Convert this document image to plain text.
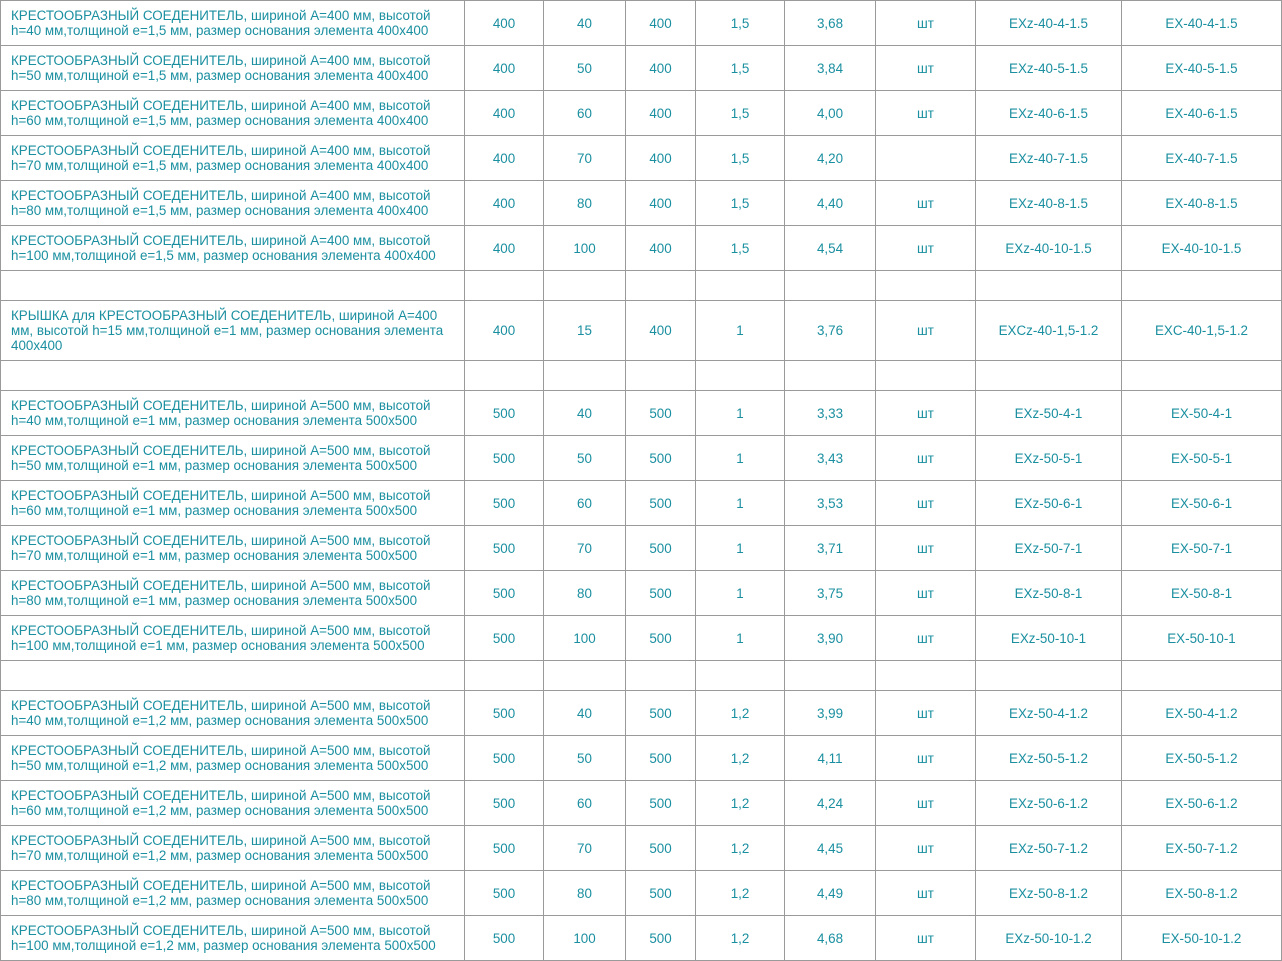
КРЕСТООБРАЗНЫЙ СОЕДЕНИТЕЛЬ, шириной А=400 мм, высотой h=40 мм,толщиной e=1,5 мм, размер основания элемента 400х400	400	40	400	1,5	3,68	шт	EXz-40-4-1.5	EX-40-4-1.5
КРЕСТООБРАЗНЫЙ СОЕДЕНИТЕЛЬ, шириной А=400 мм, высотой h=50 мм,толщиной e=1,5 мм, размер основания элемента 400х400	400	50	400	1,5	3,84	шт	EXz-40-5-1.5	EX-40-5-1.5
КРЕСТООБРАЗНЫЙ СОЕДЕНИТЕЛЬ, шириной А=400 мм, высотой h=60 мм,толщиной e=1,5 мм, размер основания элемента 400х400	400	60	400	1,5	4,00	шт	EXz-40-6-1.5	EX-40-6-1.5
КРЕСТООБРАЗНЫЙ СОЕДЕНИТЕЛЬ, шириной А=400 мм, высотой h=70 мм,толщиной e=1,5 мм, размер основания элемента 400х400	400	70	400	1,5	4,20		EXz-40-7-1.5	EX-40-7-1.5
КРЕСТООБРАЗНЫЙ СОЕДЕНИТЕЛЬ, шириной А=400 мм, высотой h=80 мм,толщиной e=1,5 мм, размер основания элемента 400х400	400	80	400	1,5	4,40	шт	EXz-40-8-1.5	EX-40-8-1.5
КРЕСТООБРАЗНЫЙ СОЕДЕНИТЕЛЬ, шириной А=400 мм, высотой h=100 мм,толщиной e=1,5 мм, размер основания элемента 400х400	400	100	400	1,5	4,54	шт	EXz-40-10-1.5	EX-40-10-1.5

КРЫШКА для КРЕСТООБРАЗНЫЙ СОЕДЕНИТЕЛЬ, шириной А=400 мм, высотой h=15 мм,толщиной e=1 мм, размер основания элемента 400х400	400	15	400	1	3,76	шт	EXCz-40-1,5-1.2	EXC-40-1,5-1.2

КРЕСТООБРАЗНЫЙ СОЕДЕНИТЕЛЬ, шириной А=500 мм, высотой h=40 мм,толщиной e=1 мм, размер основания элемента 500х500	500	40	500	1	3,33	шт	EXz-50-4-1	EX-50-4-1
КРЕСТООБРАЗНЫЙ СОЕДЕНИТЕЛЬ, шириной А=500 мм, высотой h=50 мм,толщиной e=1 мм, размер основания элемента 500х500	500	50	500	1	3,43	шт	EXz-50-5-1	EX-50-5-1
КРЕСТООБРАЗНЫЙ СОЕДЕНИТЕЛЬ, шириной А=500 мм, высотой h=60 мм,толщиной e=1 мм, размер основания элемента 500х500	500	60	500	1	3,53	шт	EXz-50-6-1	EX-50-6-1
КРЕСТООБРАЗНЫЙ СОЕДЕНИТЕЛЬ, шириной А=500 мм, высотой h=70 мм,толщиной e=1 мм, размер основания элемента 500х500	500	70	500	1	3,71	шт	EXz-50-7-1	EX-50-7-1
КРЕСТООБРАЗНЫЙ СОЕДЕНИТЕЛЬ, шириной А=500 мм, высотой h=80 мм,толщиной e=1 мм, размер основания элемента 500х500	500	80	500	1	3,75	шт	EXz-50-8-1	EX-50-8-1
КРЕСТООБРАЗНЫЙ СОЕДЕНИТЕЛЬ, шириной А=500 мм, высотой h=100 мм,толщиной e=1 мм, размер основания элемента 500х500	500	100	500	1	3,90	шт	EXz-50-10-1	EX-50-10-1

КРЕСТООБРАЗНЫЙ СОЕДЕНИТЕЛЬ, шириной А=500 мм, высотой h=40 мм,толщиной e=1,2 мм, размер основания элемента 500х500	500	40	500	1,2	3,99	шт	EXz-50-4-1.2	EX-50-4-1.2
КРЕСТООБРАЗНЫЙ СОЕДЕНИТЕЛЬ, шириной А=500 мм, высотой h=50 мм,толщиной e=1,2 мм, размер основания элемента 500х500	500	50	500	1,2	4,11	шт	EXz-50-5-1.2	EX-50-5-1.2
КРЕСТООБРАЗНЫЙ СОЕДЕНИТЕЛЬ, шириной А=500 мм, высотой h=60 мм,толщиной e=1,2 мм, размер основания элемента 500х500	500	60	500	1,2	4,24	шт	EXz-50-6-1.2	EX-50-6-1.2
КРЕСТООБРАЗНЫЙ СОЕДЕНИТЕЛЬ, шириной А=500 мм, высотой h=70 мм,толщиной e=1,2 мм, размер основания элемента 500х500	500	70	500	1,2	4,45	шт	EXz-50-7-1.2	EX-50-7-1.2
КРЕСТООБРАЗНЫЙ СОЕДЕНИТЕЛЬ, шириной А=500 мм, высотой h=80 мм,толщиной e=1,2 мм, размер основания элемента 500х500	500	80	500	1,2	4,49	шт	EXz-50-8-1.2	EX-50-8-1.2
КРЕСТООБРАЗНЫЙ СОЕДЕНИТЕЛЬ, шириной А=500 мм, высотой h=100 мм,толщиной e=1,2 мм, размер основания элемента 500х500	500	100	500	1,2	4,68	шт	EXz-50-10-1.2	EX-50-10-1.2
